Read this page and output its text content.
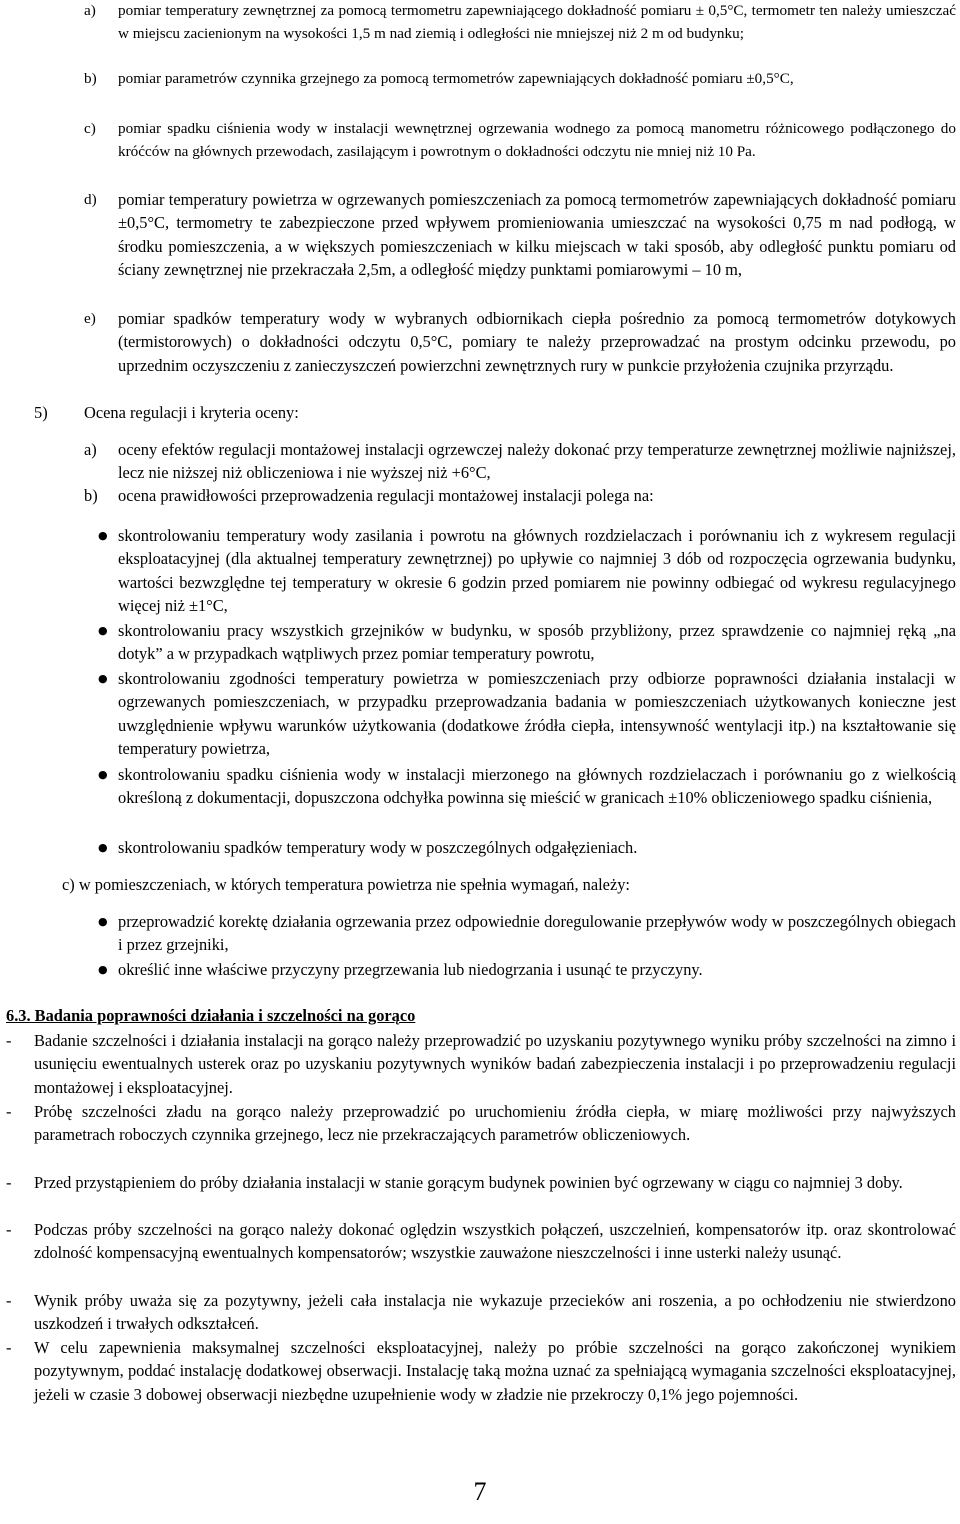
a)	pomiar temperatury zewnętrznej za pomocą termometru zapewniającego dokładność pomiaru ± 0,5°C, termometr ten należy umieszczać w miejscu zacienionym na wysokości 1,5 m nad ziemią i odległości nie mniejszej niż 2 m od budynku;
b)	pomiar parametrów czynnika grzejnego za pomocą termometrów zapewniających dokładność pomiaru ±0,5°C,
c)	pomiar spadku ciśnienia wody w instalacji wewnętrznej ogrzewania wodnego za pomocą manometru różnicowego podłączonego do króćców na głównych przewodach, zasilającym i powrotnym o dokładności odczytu nie mniej niż 10 Pa.
d)	pomiar temperatury powietrza w ogrzewanych pomieszczeniach za pomocą termometrów zapewniających dokładność pomiaru ±0,5°C, termometry te zabezpieczone przed wpływem promieniowania umieszczać na wysokości 0,75 m nad podłogą, w środku pomieszczenia, a w większych pomieszczeniach w kilku miejscach w taki sposób, aby odległość punktu pomiaru od ściany zewnętrznej nie przekraczała 2,5m, a odległość między punktami pomiarowymi – 10 m,
e)	pomiar spadków temperatury wody w wybranych odbiornikach ciepła pośrednio za pomocą termometrów dotykowych (termistorowych) o dokładności odczytu 0,5°C, pomiary te należy przeprowadzać na prostym odcinku przewodu, po uprzednim oczyszczeniu z zanieczyszczeń powierzchni zewnętrznych rury w punkcie przyłożenia czujnika przyrządu.
5)	Ocena regulacji i kryteria oceny:
a)	oceny efektów regulacji montażowej instalacji ogrzewczej należy dokonać przy temperaturze zewnętrznej możliwie najniższej, lecz nie niższej niż obliczeniowa i nie wyższej niż +6°C,
b)	ocena prawidłowości przeprowadzenia regulacji montażowej instalacji polega na:
● skontrolowaniu temperatury wody zasilania i powrotu na głównych rozdzielaczach i porównaniu ich z wykresem regulacji eksploatacyjnej (dla aktualnej temperatury zewnętrznej) po upływie co najmniej 3 dób od rozpoczęcia ogrzewania budynku, wartości bezwzględne tej temperatury w okresie 6 godzin przed pomiarem nie powinny odbiegać od wykresu regulacyjnego więcej niż ±1°C,
● skontrolowaniu pracy wszystkich grzejników w budynku, w sposób przybliżony, przez sprawdzenie co najmniej ręką „na dotyk” a w przypadkach wątpliwych przez pomiar temperatury powrotu,
● skontrolowaniu zgodności temperatury powietrza w pomieszczeniach przy odbiorze poprawności działania instalacji w ogrzewanych pomieszczeniach, w przypadku przeprowadzania badania w pomieszczeniach użytkowanych konieczne jest uwzględnienie wpływu warunków użytkowania (dodatkowe źródła ciepła, intensywność wentylacji itp.) na kształtowanie się temperatury powietrza,
● skontrolowaniu spadku ciśnienia wody w instalacji mierzonego na głównych rozdzielaczach i porównaniu go z wielkością określoną z dokumentacji, dopuszczona odchyłka powinna się mieścić w granicach ±10% obliczeniowego spadku ciśnienia,
● skontrolowaniu spadków temperatury wody w poszczególnych odgałęzieniach.
c) w pomieszczeniach, w których temperatura powietrza nie spełnia wymagań, należy:
● przeprowadzić korektę działania ogrzewania przez odpowiednie doregulowanie przepływów wody w poszczególnych obiegach i przez grzejniki,
● określić inne właściwe przyczyny przegrzewania lub niedogrzania i usunąć te przyczyny.
6.3. Badania poprawności działania i szczelności na gorąco
-	Badanie szczelności i działania instalacji na gorąco należy przeprowadzić po uzyskaniu pozytywnego wyniku próby szczelności na zimno i usunięciu ewentualnych usterek oraz po uzyskaniu pozytywnych wyników badań zabezpieczenia instalacji i po przeprowadzeniu regulacji montażowej i eksploatacyjnej.
-	Próbę szczelności zładu na gorąco należy przeprowadzić po uruchomieniu źródła ciepła, w miarę możliwości przy najwyższych parametrach roboczych czynnika grzejnego, lecz nie przekraczających parametrów obliczeniowych.
-	Przed przystąpieniem do próby działania instalacji w stanie gorącym budynek powinien być ogrzewany w ciągu co najmniej 3 doby.
-	Podczas próby szczelności na gorąco należy dokonać oględzin wszystkich połączeń, uszczelnień, kompensatorów itp. oraz skontrolować zdolność kompensacyjną ewentualnych kompensatorów; wszystkie zauważone nieszczelności i inne usterki należy usunąć.
-	Wynik próby uważa się za pozytywny, jeżeli cała instalacja nie wykazuje przecieków ani roszenia, a po ochłodzeniu nie stwierdzono uszkodzeń i trwałych odkształceń.
-	W celu zapewnienia maksymalnej szczelności eksploatacyjnej, należy po próbie szczelności na gorąco zakończonej wynikiem pozytywnym, poddać instalację dodatkowej obserwacji. Instalację taką można uznać za spełniającą wymagania szczelności eksploatacyjnej, jeżeli w czasie 3 dobowej obserwacji niezbędne uzupełnienie wody w zładzie nie przekroczy 0,1% jego pojemności.
7
